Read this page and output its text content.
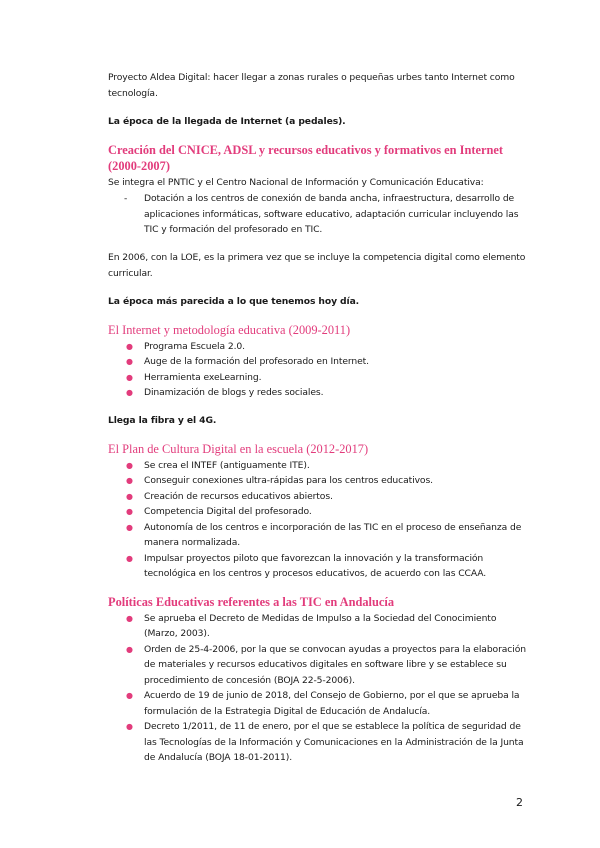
Proyecto Aldea Digital: hacer llegar a zonas rurales o pequeñas urbes tanto Internet como tecnología.

La época de la llegada de Internet (a pedales).

Creación del CNICE, ADSL y recursos educativos y formativos en Internet (2000-2007)

Se integra el PNTIC y el Centro Nacional de Información y Comunicación Educativa:

- Dotación a los centros de conexión de banda ancha, infraestructura, desarrollo de aplicaciones informáticas, software educativo, adaptación curricular incluyendo las TIC y formación del profesorado en TIC.

En 2006, con la LOE, es la primera vez que se incluye la competencia digital como elemento curricular.

La época más parecida a lo que tenemos hoy día.

El Internet y metodología educativa (2009-2011)
● Programa Escuela 2.0.
● Auge de la formación del profesorado en Internet.
● Herramienta exeLearning.
● Dinamización de blogs y redes sociales.

Llega la fibra y el 4G.

El Plan de Cultura Digital en la escuela (2012-2017)
● Se crea el INTEF (antiguamente ITE).
● Conseguir conexiones ultra-rápidas para los centros educativos.
● Creación de recursos educativos abiertos.
● Competencia Digital del profesorado.
● Autonomía de los centros e incorporación de las TIC en el proceso de enseñanza de manera normalizada.
● Impulsar proyectos piloto que favorezcan la innovación y la transformación tecnológica en los centros y procesos educativos, de acuerdo con las CCAA.
Políticas Educativas referentes a las TIC en Andalucía
● Se aprueba el Decreto de Medidas de Impulso a la Sociedad del Conocimiento (Marzo, 2003).
● Orden de 25-4-2006, por la que se convocan ayudas a proyectos para la elaboración de materiales y recursos educativos digitales en software libre y se establece su procedimiento de concesión (BOJA 22-5-2006).
● Acuerdo de 19 de junio de 2018, del Consejo de Gobierno, por el que se aprueba la formulación de la Estrategia Digital de Educación de Andalucía.
● Decreto 1/2011, de 11 de enero, por el que se establece la política de seguridad de las Tecnologías de la Información y Comunicaciones en la Administración de la Junta de Andalucía (BOJA 18-01-2011).
2
